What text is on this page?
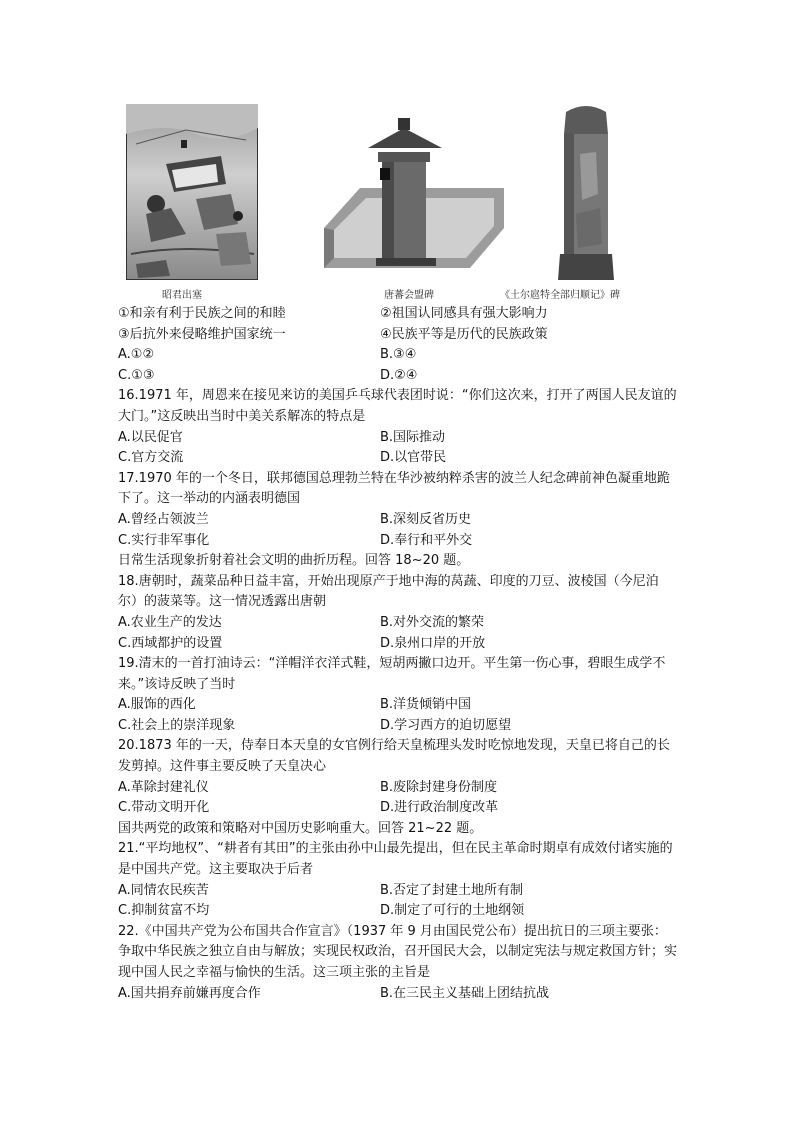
昭君出塞	唐蕃会盟碑	《土尔扈特全部归顺记》碑
①和亲有利于民族之间的和睦	②祖国认同感具有强大影响力
③后抗外来侵略维护国家统一	④民族平等是历代的民族政策
A.①②	B.③④
C.①③	D.②④
16.1971 年，周恩来在接见来访的美国乒乓球代表团时说：“你们这次来，打开了两国人民友谊的大门。”这反映出当时中美关系解冻的特点是
A.以民促官	B.国际推动
C.官方交流	D.以官带民
17.1970 年的一个冬日，联邦德国总理勃兰特在华沙被纳粹杀害的波兰人纪念碑前神色凝重地跪下了。这一举动的内涵表明德国
A.曾经占领波兰	B.深刻反省历史
C.实行非军事化	D.奉行和平外交
日常生活现象折射着社会文明的曲折历程。回答 18~20 题。
18.唐朝时，蔬菜品种日益丰富，开始出现原产于地中海的莴蔬、印度的刀豆、波棱国（今尼泊尔）的菠菜等。这一情况透露出唐朝
A.农业生产的发达	B.对外交流的繁荣
C.西域都护的设置	D.泉州口岸的开放
19.清末的一首打油诗云：“洋帽洋衣洋式鞋，短胡两撇口边开。平生第一伤心事，碧眼生成学不来。”该诗反映了当时
A.服饰的西化	B.洋货倾销中国
C.社会上的崇洋现象	D.学习西方的迫切愿望
20.1873 年的一天，侍奉日本天皇的女官例行给天皇梳理头发时吃惊地发现，天皇已将自己的长发剪掉。这件事主要反映了天皇决心
A.革除封建礼仪	B.废除封建身份制度
C.带动文明开化	D.进行政治制度改革
国共两党的政策和策略对中国历史影响重大。回答 21~22 题。
21.“平均地权”、“耕者有其田”的主张由孙中山最先提出，但在民主革命时期卓有成效付诸实施的是中国共产党。这主要取决于后者
A.同情农民疾苦	B.否定了封建土地所有制
C.抑制贫富不均	D.制定了可行的土地纲领
22.《中国共产党为公布国共合作宣言》（1937 年 9 月由国民党公布）提出抗日的三项主要张：争取中华民族之独立自由与解放；实现民权政治，召开国民大会，以制定宪法与规定救国方针；实现中国人民之幸福与愉快的生活。这三项主张的主旨是
A.国共捐弃前嫌再度合作	B.在三民主义基础上团结抗战
